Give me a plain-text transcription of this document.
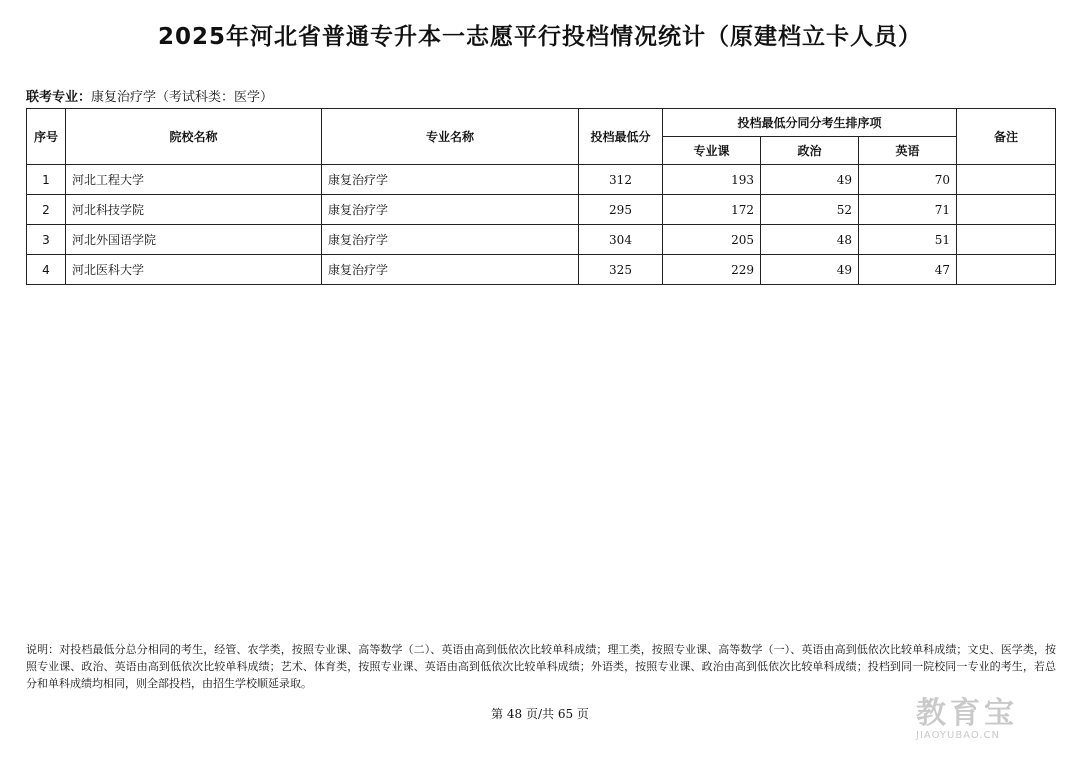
2025年河北省普通专升本一志愿平行投档情况统计（原建档立卡人员）
联考专业：康复治疗学（考试科类：医学）
序号	院校名称	专业名称	投档最低分	投档最低分同分考生排序项			备注
				专业课	政治	英语	
1	河北工程大学	康复治疗学	312	193	49	70	
2	河北科技学院	康复治疗学	295	172	52	71	
3	河北外国语学院	康复治疗学	304	205	48	51	
4	河北医科大学	康复治疗学	325	229	49	47	
说明：对投档最低分总分相同的考生，经管、农学类，按照专业课、高等数学（二）、英语由高到低依次比较单科成绩；理工类，按照专业课、高等数学（一）、英语由高到低依次比较单科成绩；文史、医学类，按照专业课、政治、英语由高到低依次比较单科成绩；艺术、体育类，按照专业课、英语由高到低依次比较单科成绩；外语类，按照专业课、政治由高到低依次比较单科成绩；投档到同一院校同一专业的考生，若总分和单科成绩均相同，则全部投档，由招生学校顺延录取。
第 48 页/共 65 页	教育宝
JIAOYUBAO.CN
